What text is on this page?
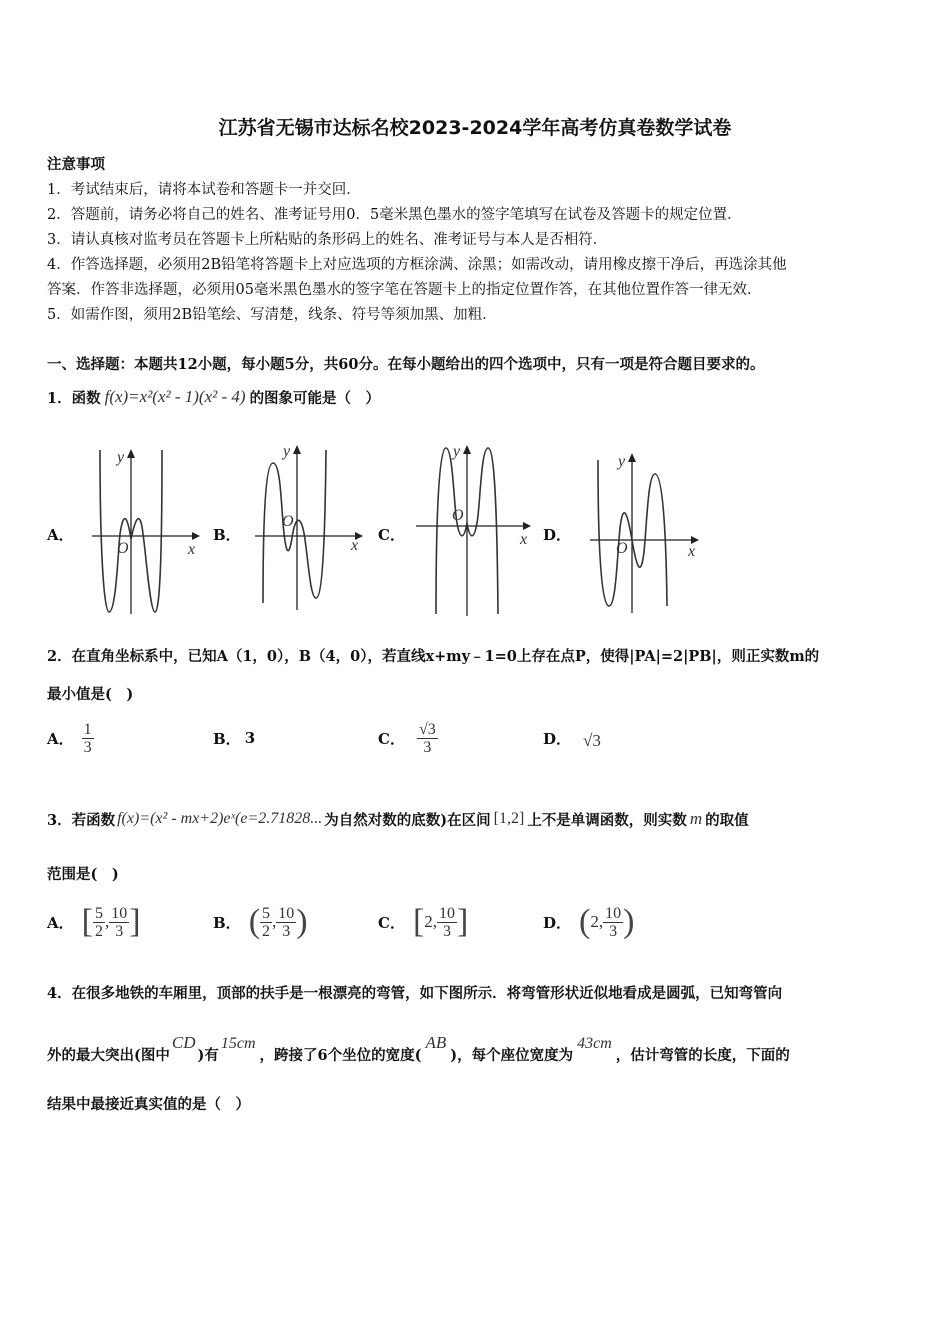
江苏省无锡市达标名校2023-2024学年高考仿真卷数学试卷
注意事项
1．考试结束后，请将本试卷和答题卡一并交回．
2．答题前，请务必将自己的姓名、准考证号用0．5毫米黑色墨水的签字笔填写在试卷及答题卡的规定位置．
3．请认真核对监考员在答题卡上所粘贴的条形码上的姓名、准考证号与本人是否相符．
4．作答选择题，必须用2B铅笔将答题卡上对应选项的方框涂满、涂黑；如需改动，请用橡皮擦干净后，再选涂其他
答案．作答非选择题，必须用05毫米黑色墨水的签字笔在答题卡上的指定位置作答，在其他位置作答一律无效．
5．如需作图，须用2B铅笔绘、写清楚，线条、符号等须加黑、加粗．
一、选择题：本题共12小题，每小题5分，共60分。在每小题给出的四个选项中，只有一项是符合题目要求的。
1．函数 f(x)=x²(x² - 1)(x² - 4) 的图象可能是（　）
A．	B．	C．	D．
y
x
O
y
x
O
y
x
O
y
x
O
2．在直角坐标系中，已知A（1，0），B（4，0），若直线x+my﹣1=0上存在点P，使得|PA|=2|PB|，则正实数m的
最小值是(　)
A． $\frac{1}{3}$	B． 3	C． $\frac{√3}{3}$	D． √3
3．若函数 f(x)=(x² - mx+2)eˣ(e=2.71828... 为自然对数的底数)在区间 [1,2] 上不是单调函数，则实数 m 的取值
范围是(　)
A． [ $\frac{5}{2}$ , $\frac{10}{3}$ ]	B． ( $\frac{5}{2}$ , $\frac{10}{3}$ )	C． [ 2 , $\frac{10}{3}$ ]	D． ( 2 , $\frac{10}{3}$ )
4．在很多地铁的车厢里，顶部的扶手是一根漂亮的弯管，如下图所示．将弯管形状近似地看成是圆弧，已知弯管向
外的最大突出(图中
CD
)有
15cm
，跨接了6个坐位的宽度(
AB
)，每个座位宽度为
43cm
，估计弯管的长度，下面的
结果中最接近真实值的是（　）
